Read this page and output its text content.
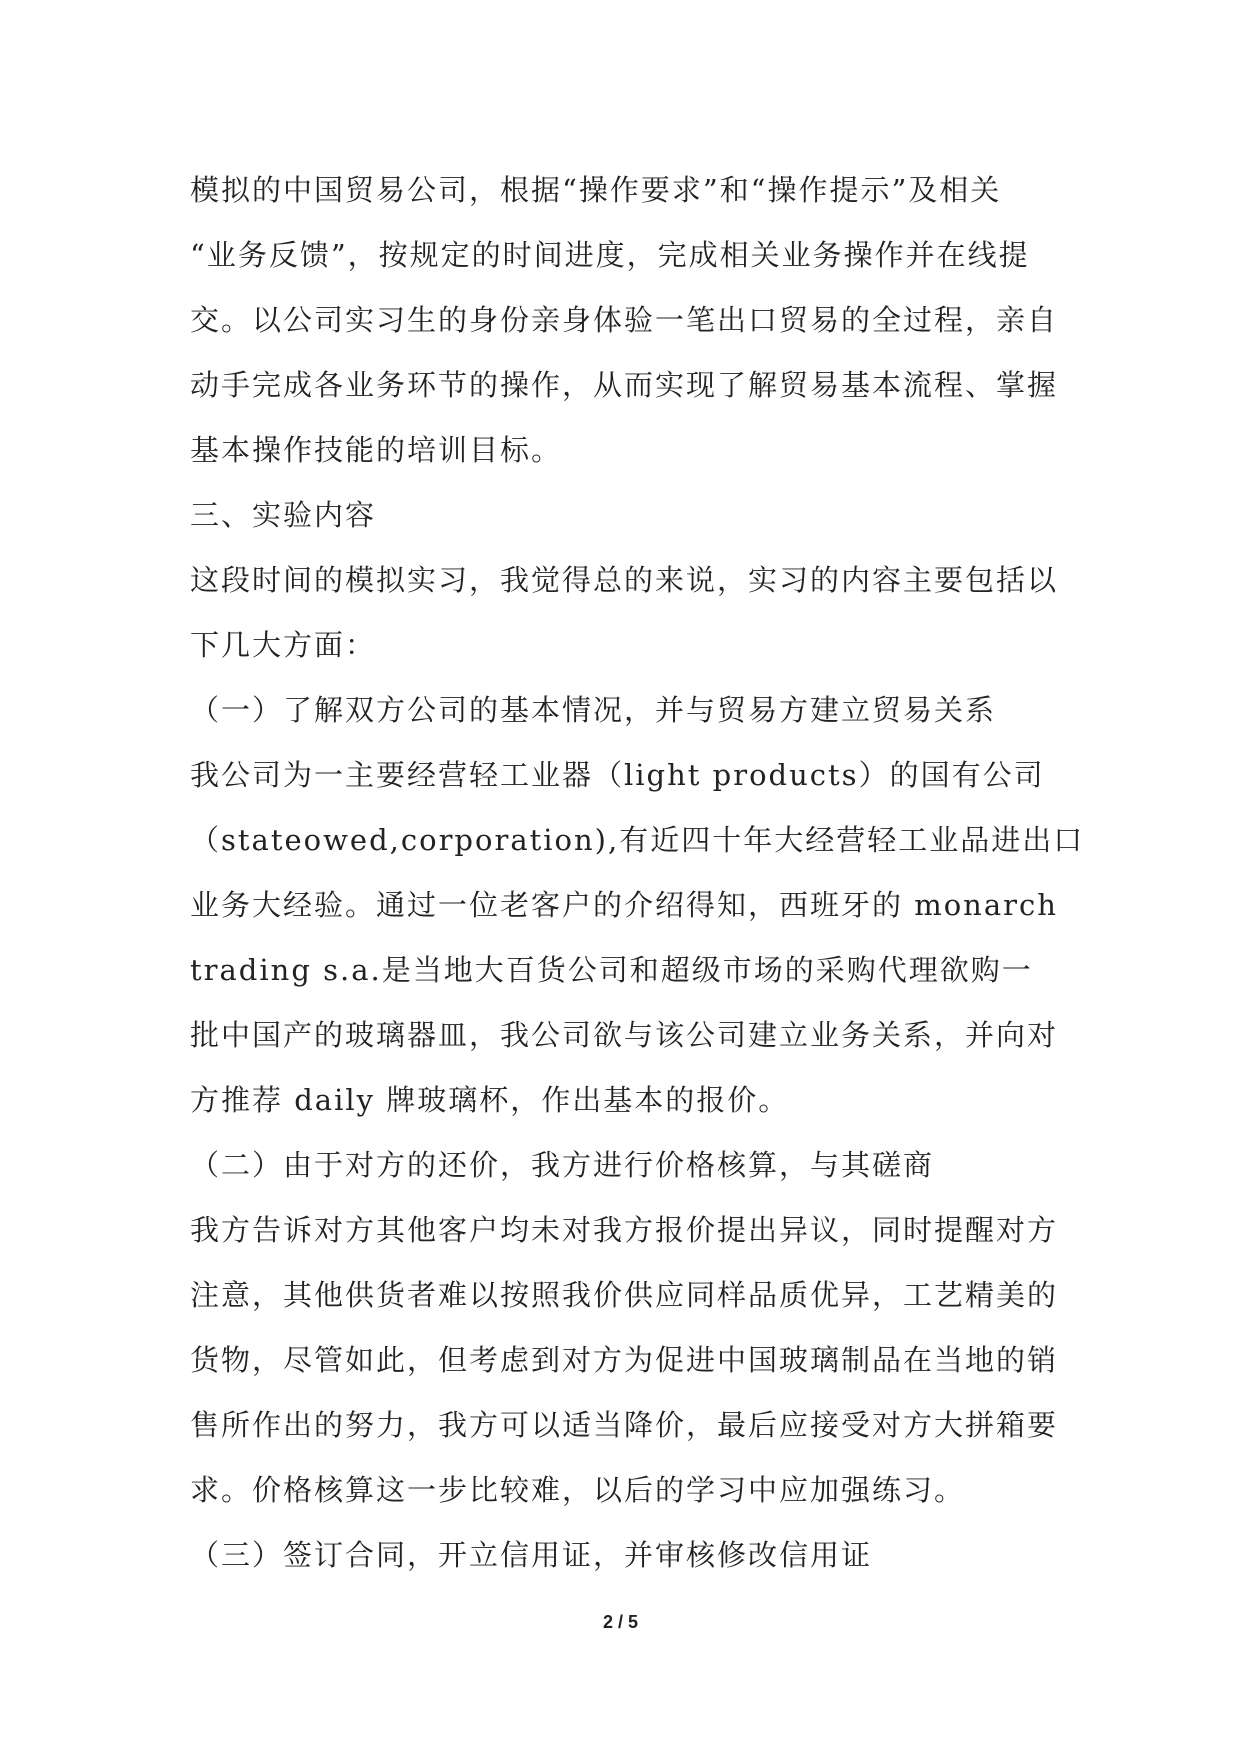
模拟的中国贸易公司，根据“操作要求”和“操作提示”及相关
“业务反馈”，按规定的时间进度，完成相关业务操作并在线提
交。以公司实习生的身份亲身体验一笔出口贸易的全过程，亲自
动手完成各业务环节的操作，从而实现了解贸易基本流程、掌握
基本操作技能的培训目标。
三、实验内容
这段时间的模拟实习，我觉得总的来说，实习的内容主要包括以
下几大方面：
（一）了解双方公司的基本情况，并与贸易方建立贸易关系
我公司为一主要经营轻工业器（light products）的国有公司
（stateowed,corporation),有近四十年大经营轻工业品进出口
业务大经验。通过一位老客户的介绍得知，西班牙的 monarch
trading s.a.是当地大百货公司和超级市场的采购代理欲购一
批中国产的玻璃器皿，我公司欲与该公司建立业务关系，并向对
方推荐 daily 牌玻璃杯，作出基本的报价。
（二）由于对方的还价，我方进行价格核算，与其磋商
我方告诉对方其他客户均未对我方报价提出异议，同时提醒对方
注意，其他供货者难以按照我价供应同样品质优异，工艺精美的
货物，尽管如此，但考虑到对方为促进中国玻璃制品在当地的销
售所作出的努力，我方可以适当降价，最后应接受对方大拼箱要
求。价格核算这一步比较难，以后的学习中应加强练习。
（三）签订合同，开立信用证，并审核修改信用证
2 / 5
